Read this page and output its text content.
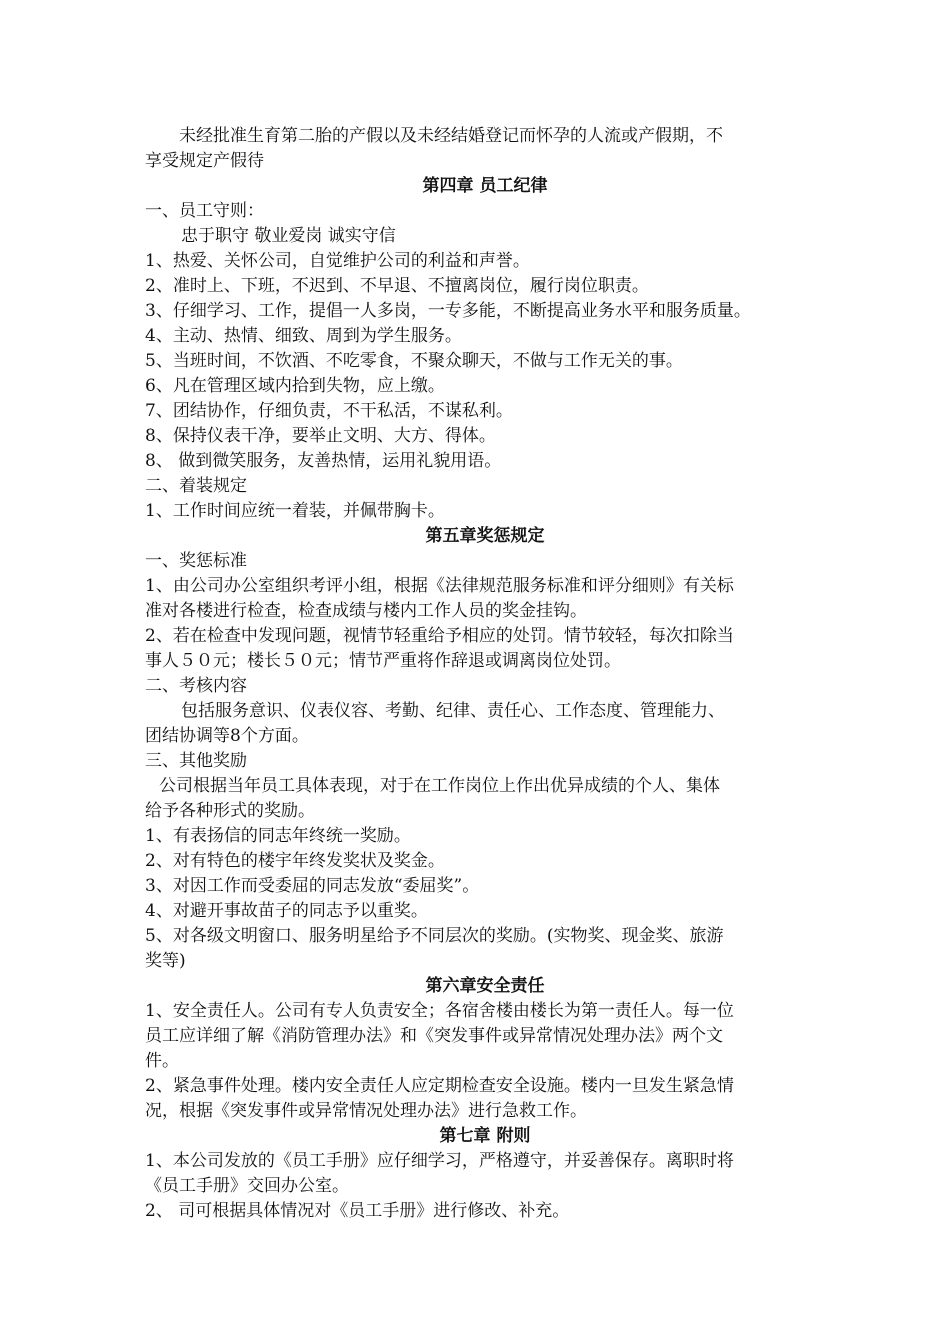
未经批准生育第二胎的产假以及未经结婚登记而怀孕的人流或产假期，不
享受规定产假待
第四章 员工纪律
一、员工守则：
忠于职守 敬业爱岗 诚实守信
1、热爱、关怀公司，自觉维护公司的利益和声誉。
2、准时上、下班，不迟到、不早退、不擅离岗位，履行岗位职责。
3、仔细学习、工作，提倡一人多岗，一专多能，不断提高业务水平和服务质量。
4、主动、热情、细致、周到为学生服务。
5、当班时间，不饮酒、不吃零食，不聚众聊天，不做与工作无关的事。
6、凡在管理区域内拾到失物，应上缴。
7、团结协作，仔细负责，不干私活，不谋私利。
8、保持仪表干净，要举止文明、大方、得体。
8、 做到微笑服务，友善热情，运用礼貌用语。
二、着装规定
1、工作时间应统一着装，并佩带胸卡。
第五章奖惩规定
一、奖惩标准
1、由公司办公室组织考评小组，根据《法律规范服务标准和评分细则》有关标
准对各楼进行检查，检查成绩与楼内工作人员的奖金挂钩。
2、若在检查中发现问题，视情节轻重给予相应的处罚。情节较轻，每次扣除当
事人５０元；楼长５０元；情节严重将作辞退或调离岗位处罚。
二、考核内容
包括服务意识、仪表仪容、考勤、纪律、责任心、工作态度、管理能力、
团结协调等8个方面。
三、其他奖励
公司根据当年员工具体表现，对于在工作岗位上作出优异成绩的个人、集体
给予各种形式的奖励。
1、有表扬信的同志年终统一奖励。
2、对有特色的楼宇年终发奖状及奖金。
3、对因工作而受委屈的同志发放“委屈奖”。
4、对避开事故苗子的同志予以重奖。
5、对各级文明窗口、服务明星给予不同层次的奖励。(实物奖、现金奖、旅游
奖等)
第六章安全责任
1、安全责任人。公司有专人负责安全；各宿舍楼由楼长为第一责任人。每一位
员工应详细了解《消防管理办法》和《突发事件或异常情况处理办法》两个文
件。
2、紧急事件处理。楼内安全责任人应定期检查安全设施。楼内一旦发生紧急情
况，根据《突发事件或异常情况处理办法》进行急救工作。
第七章 附则
1、本公司发放的《员工手册》应仔细学习，严格遵守，并妥善保存。离职时将
《员工手册》交回办公室。
2、 司可根据具体情况对《员工手册》进行修改、补充。
